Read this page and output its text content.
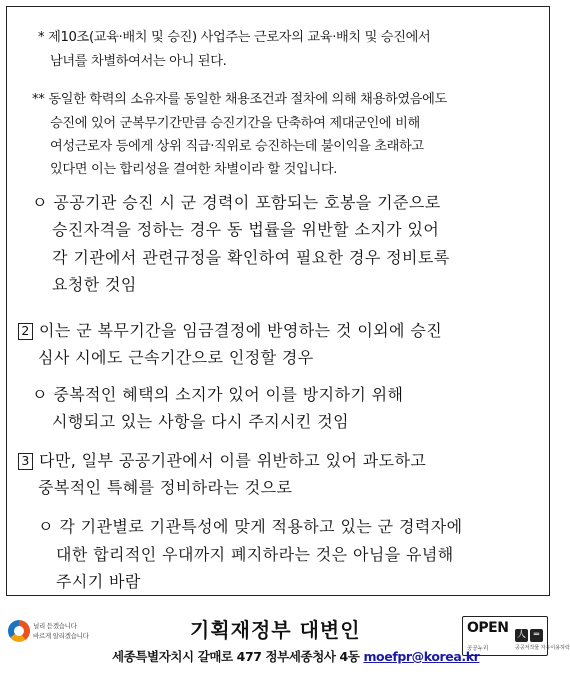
* 제10조(교육·배치 및 승진) 사업주는 근로자의 교육·배치 및 승진에서
남녀를 차별하여서는 아니 된다.
** 동일한 학력의 소유자를 동일한 채용조건과 절차에 의해 채용하였음에도
승진에 있어 군복무기간만큼 승진기간을 단축하여 제대군인에 비해
여성근로자 등에게 상위 직급·직위로 승진하는데 불이익을 초래하고
있다면 이는 합리성을 결여한 차별이라 할 것입니다.
ㅇ 공공기관 승진 시 군 경력이 포함되는 호봉을 기준으로
승진자격을 정하는 경우 동 법률을 위반할 소지가 있어
각 기관에서 관련규정을 확인하여 필요한 경우 정비토록
요청한 것임
2 이는 군 복무기간을 임금결정에 반영하는 것 이외에 승진
심사 시에도 근속기간으로 인정할 경우
ㅇ 중복적인 혜택의 소지가 있어 이를 방지하기 위해
시행되고 있는 사항을 다시 주지시킨 것임
3 다만, 일부 공공기관에서 이를 위반하고 있어 과도하고
중복적인 특혜를 정비하라는 것으로
ㅇ 각 기관별로 기관특성에 맞게 적용하고 있는 군 경력자에
대한 합리적인 우대까지 폐지하라는 것은 아님을 유념해
주시기 바람
널리 듣겠습니다
바르게 알리겠습니다	기획재정부 대변인
세종특별자치시 갈매로 477 정부세종청사 4동 moefpr@korea.kr
OPEN
공공누리
人 ═
공공저작물 자유이용허락
